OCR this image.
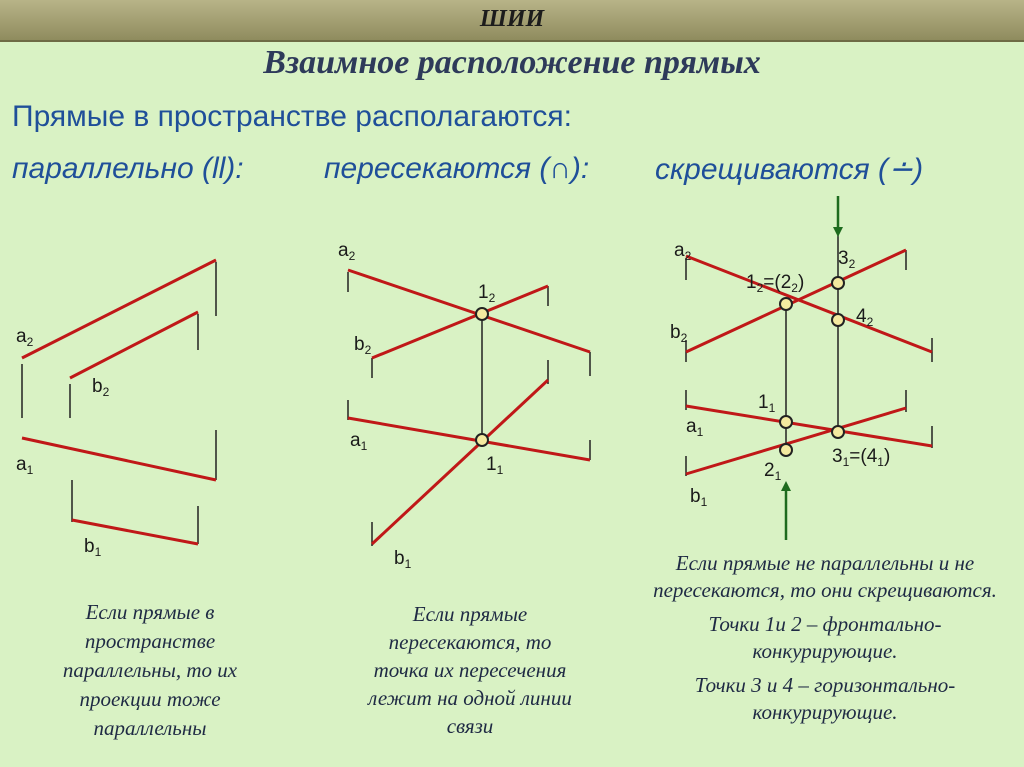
ШИИ
Взаимное расположение прямых
Прямые в пространстве располагаются:
параллельно (ll):	пересекаются (∩): скрещиваются (∸)
$a_2$
$b_2$
$a_1$
$b_1$
$a_2$
$b_2$
$a_1$
$b_1$
$1_2$
$1_1$
$a_2$
$b_2$
$a_1$
$b_1$
$1_2=(2_2)$
$3_2$
$4_2$
$1_1$
$2_1$
$3_1=(4_1)$
Если прямые в
пространстве
параллельны, то их
проекции тоже
параллельны
Если прямые
пересекаются, то
точка их пересечения
лежит на одной линии
связи
Если прямые не параллельны и не пересекаются, то они скрещиваются.
Точки 1и 2 – фронтально-конкурирующие.
Точки 3 и 4 – горизонтально-конкурирующие.
